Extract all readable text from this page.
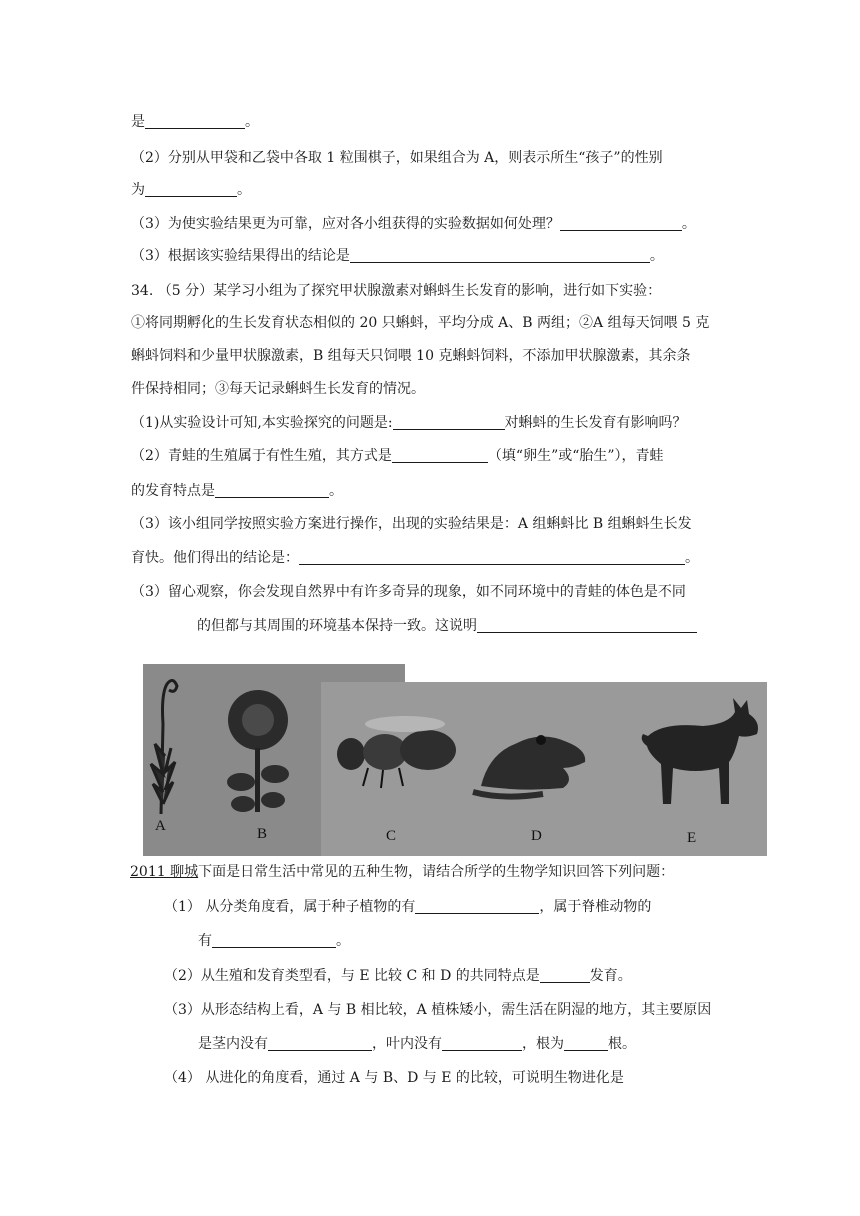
是	。
（2）分别从甲袋和乙袋中各取 1 粒围棋子，如果组合为 A，则表示所生“孩子”的性别
为	。
（3）为使实验结果更为可靠，应对各小组获得的实验数据如何处理？	。
（3）根据该实验结果得出的结论是	。
34. （5 分）某学习小组为了探究甲状腺激素对蝌蚪生长发育的影响，进行如下实验：
①将同期孵化的生长发育状态相似的 20 只蝌蚪，平均分成 A、B 两组；②A 组每天饲喂 5 克
蝌蚪饲料和少量甲状腺激素，B 组每天只饲喂 10 克蝌蚪饲料，不添加甲状腺激素，其余条
件保持相同；③每天记录蝌蚪生长发育的情况。
（1)从实验设计可知,本实验探究的问题是:	对蝌蚪的生长发育有影响吗？
（2）青蛙的生殖属于有性生殖，其方式是	（填“卵生”或“胎生”），青蛙
的发育特点是	。
（3）该小组同学按照实验方案进行操作，出现的实验结果是：A 组蝌蚪比 B 组蝌蚪生长发
育快。他们得出的结论是：	。
（3）留心观察，你会发现自然界中有许多奇异的现象，如不同环境中的青蛙的体色是不同
的但都与其周围的环境基本保持一致。这说明
A	B	C	D	E
2011 聊城下面是日常生活中常见的五种生物，请结合所学的生物学知识回答下列问题：
（1） 从分类角度看，属于种子植物的有	，属于脊椎动物的
有	。
（2）从生殖和发育类型看，与 E 比较 C 和 D 的共同特点是	发育。
（3）从形态结构上看，A 与 B 相比较，A 植株矮小，需生活在阴湿的地方，其主要原因
是茎内没有	，叶内没有	，根为	根。
（4） 从进化的角度看，通过 A 与 B、D 与 E 的比较，可说明生物进化是
